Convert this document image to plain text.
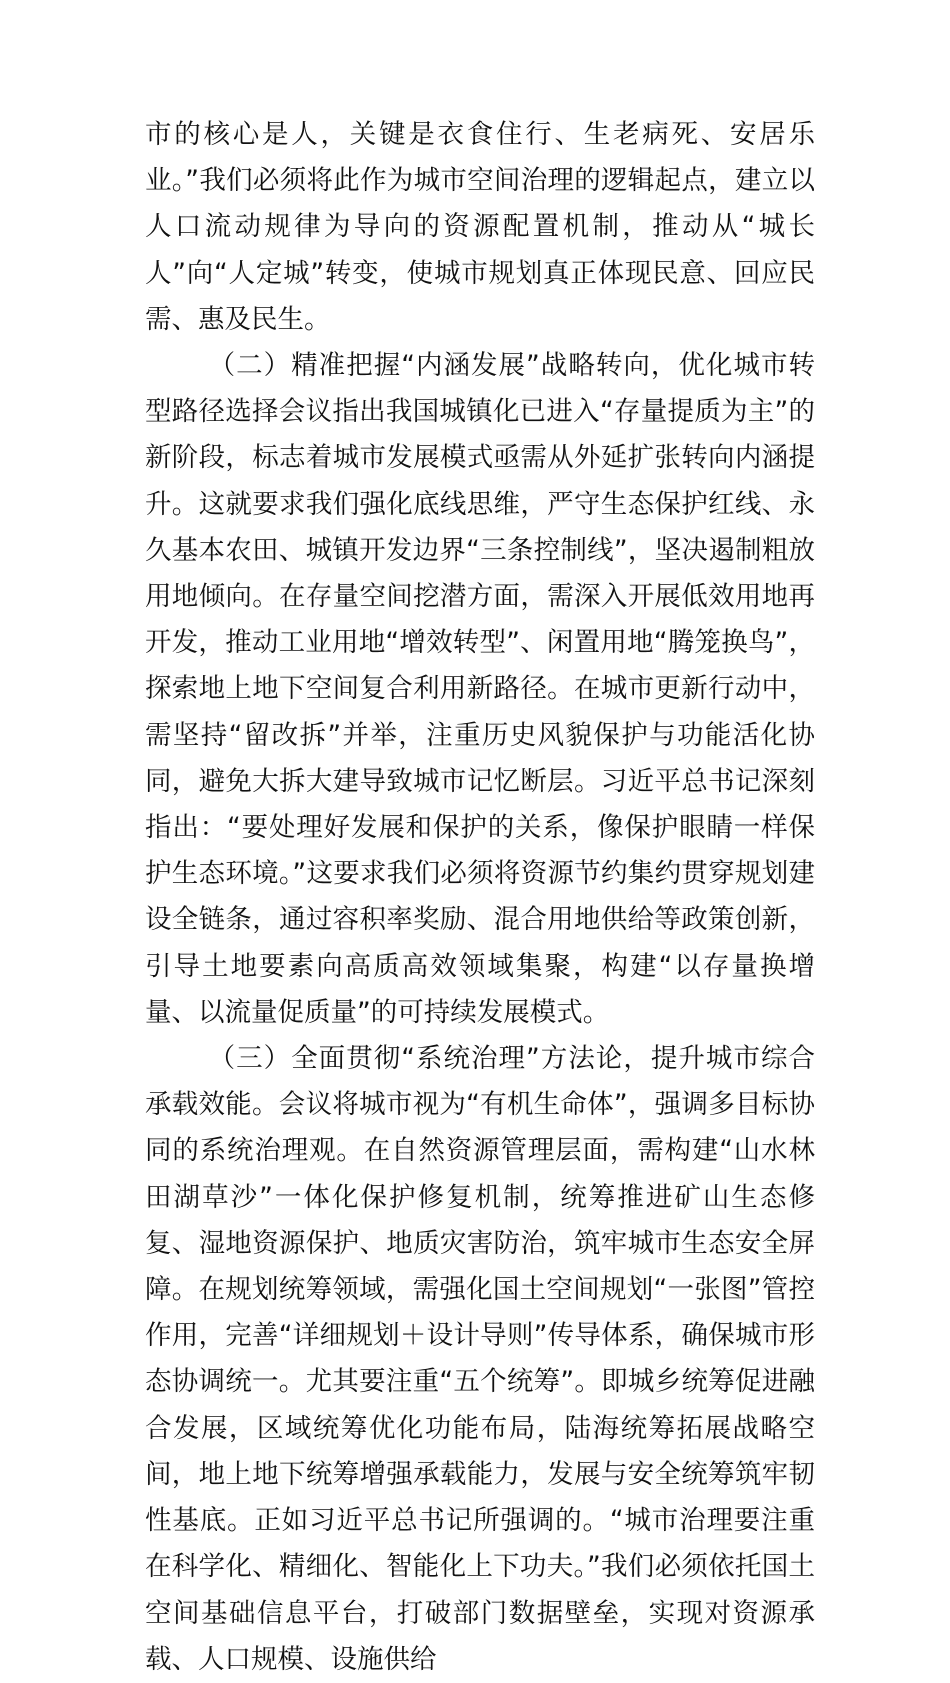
市的核心是人，关键是衣食住行、生老病死、安居乐业。”我们必须将此作为城市空间治理的逻辑起点，建立以人口流动规律为导向的资源配置机制，推动从“城长人”向“人定城”转变，使城市规划真正体现民意、回应民需、惠及民生。

（二）精准把握“内涵发展”战略转向，优化城市转型路径选择会议指出我国城镇化已进入“存量提质为主”的新阶段，标志着城市发展模式亟需从外延扩张转向内涵提升。这就要求我们强化底线思维，严守生态保护红线、永久基本农田、城镇开发边界“三条控制线”，坚决遏制粗放用地倾向。在存量空间挖潜方面，需深入开展低效用地再开发，推动工业用地“增效转型”、闲置用地“腾笼换鸟”，探索地上地下空间复合利用新路径。在城市更新行动中，需坚持“留改拆”并举，注重历史风貌保护与功能活化协同，避免大拆大建导致城市记忆断层。习近平总书记深刻指出：“要处理好发展和保护的关系，像保护眼睛一样保护生态环境。”这要求我们必须将资源节约集约贯穿规划建设全链条，通过容积率奖励、混合用地供给等政策创新，引导土地要素向高质高效领域集聚，构建“以存量换增量、以流量促质量”的可持续发展模式。

（三）全面贯彻“系统治理”方法论，提升城市综合承载效能。会议将城市视为“有机生命体”，强调多目标协同的系统治理观。在自然资源管理层面，需构建“山水林田湖草沙”一体化保护修复机制，统筹推进矿山生态修复、湿地资源保护、地质灾害防治，筑牢城市生态安全屏障。在规划统筹领域，需强化国土空间规划“一张图”管控作用，完善“详细规划＋设计导则”传导体系，确保城市形态协调统一。尤其要注重“五个统筹”。即城乡统筹促进融合发展，区域统筹优化功能布局，陆海统筹拓展战略空间，地上地下统筹增强承载能力，发展与安全统筹筑牢韧性基底。正如习近平总书记所强调的。“城市治理要注重在科学化、精细化、智能化上下功夫。”我们必须依托国土空间基础信息平台，打破部门数据壁垒，实现对资源承载、人口规模、设施供给
